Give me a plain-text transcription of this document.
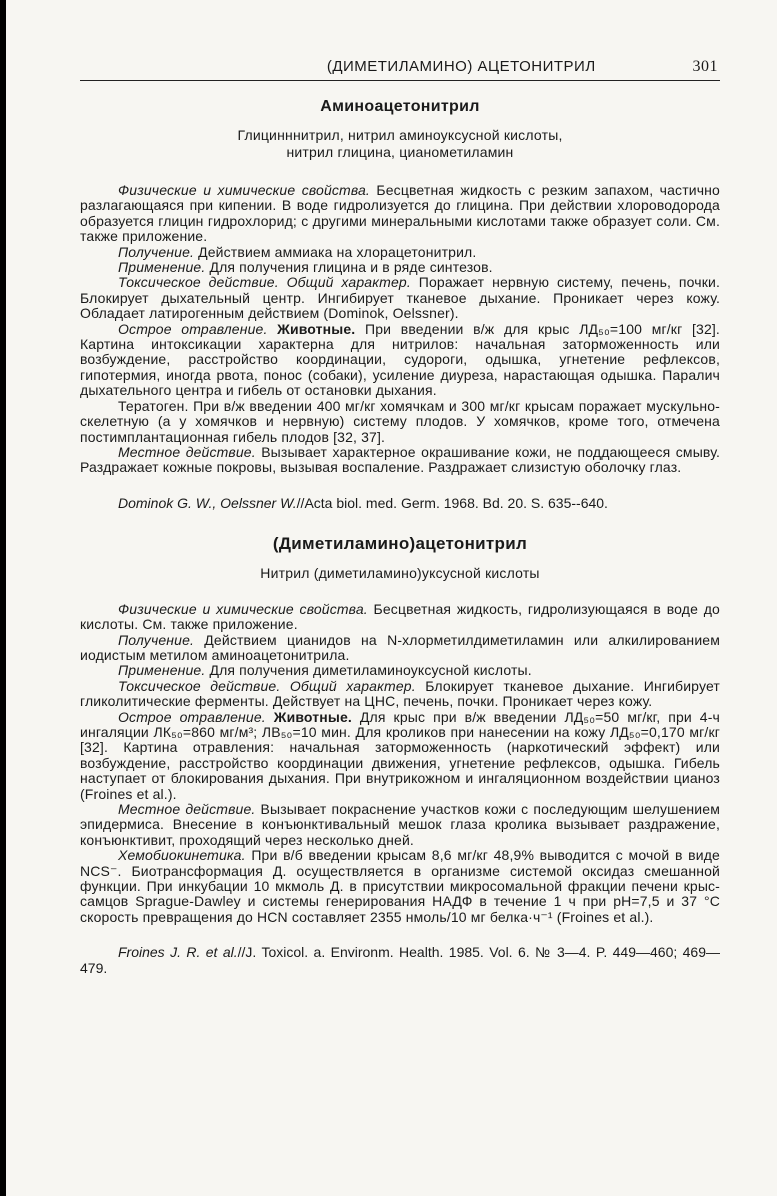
(ДИМЕТИЛАМИНО) АЦЕТОНИТРИЛ	301
Аминоацетонитрил
Глицинннитрил, нитрил аминоуксусной кислоты,
нитрил глицина, цианометиламин

Физические и химические свойства. Бесцветная жидкость с резким запахом, частично разлагающаяся при кипении. В воде гидролизуется до глицина. При действии хлороводорода образуется глицин гидрохлорид; с другими минеральными кислотами также образует соли. См. также приложение.

Получение. Действием аммиака на хлорацетонитрил.

Применение. Для получения глицина и в ряде синтезов.

Токсическое действие. Общий характер. Поражает нервную систему, печень, почки. Блокирует дыхательный центр. Ингибирует тканевое дыхание. Проникает через кожу. Обладает латирогенным действием (Dominok, Oelssner).

Острое отравление. Животные. При введении в/ж для крыс ЛД₅₀=100 мг/кг [32]. Картина интоксикации характерна для нитрилов: начальная заторможенность или возбуждение, расстройство координации, судороги, одышка, угнетение рефлексов, гипотермия, иногда рвота, понос (собаки), усиление диуреза, нарастающая одышка. Паралич дыхательного центра и гибель от остановки дыхания.

Тератоген. При в/ж введении 400 мг/кг хомячкам и 300 мг/кг крысам поражает мускульно-скелетную (а у хомячков и нервную) систему плодов. У хомячков, кроме того, отмечена постимплантационная гибель плодов [32, 37].

Местное действие. Вызывает характерное окрашивание кожи, не поддающееся смыву. Раздражает кожные покровы, вызывая воспаление. Раздражает слизистую оболочку глаз.

Dominok G. W., Oelssner W.//Acta biol. med. Germ. 1968. Bd. 20. S. 635--640.
(Диметиламино)ацетонитрил
Нитрил (диметиламино)уксусной кислоты

Физические и химические свойства. Бесцветная жидкость, гидролизующаяся в воде до кислоты. См. также приложение.

Получение. Действием цианидов на N-хлорметилдиметиламин или алкилированием иодистым метилом аминоацетонитрила.

Применение. Для получения диметиламиноуксусной кислоты.

Токсическое действие. Общий характер. Блокирует тканевое дыхание. Ингибирует гликолитические ферменты. Действует на ЦНС, печень, почки. Проникает через кожу.

Острое отравление. Животные. Для крыс при в/ж введении ЛД₅₀=50 мг/кг, при 4-ч ингаляции ЛК₅₀=860 мг/м³; ЛВ₅₀=10 мин. Для кроликов при нанесении на кожу ЛД₅₀=0,170 мг/кг [32]. Картина отравления: начальная заторможенность (наркотический эффект) или возбуждение, расстройство координации движения, угнетение рефлексов, одышка. Гибель наступает от блокирования дыхания. При внутрикожном и ингаляционном воздействии цианоз (Froines et al.).

Местное действие. Вызывает покраснение участков кожи с последующим шелушением эпидермиса. Внесение в конъюнктивальный мешок глаза кролика вызывает раздражение, конъюнктивит, проходящий через несколько дней.

Хемобиокинетика. При в/б введении крысам 8,6 мг/кг 48,9% выводится с мочой в виде NCS⁻. Биотрансформация Д. осуществляется в организме системой оксидаз смешанной функции. При инкубации 10 мкмоль Д. в присутствии микросомальной фракции печени крыс-самцов Sprague-Dawley и системы генерирования НАДФ в течение 1 ч при pH=7,5 и 37 °С скорость превращения до HCN составляет 2355 нмоль/10 мг белка·ч⁻¹ (Froines et al.).

Froines J. R. et al.//J. Toxicol. a. Environm. Health. 1985. Vol. 6. № 3—4. P. 449—460; 469—479.
